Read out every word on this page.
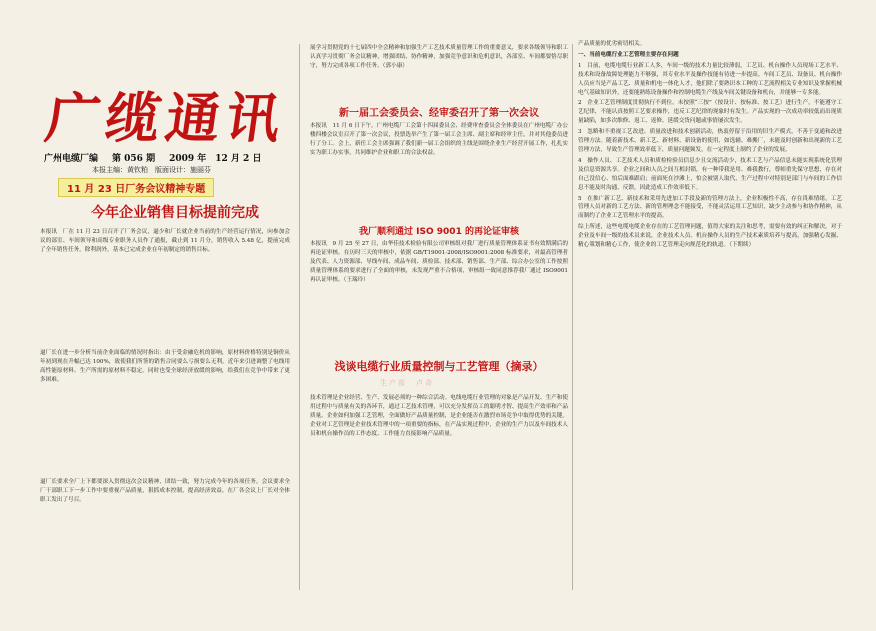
广缆通讯
广州电缆厂编 第 056 期 2009 年　12 月 2 日
本报主编：黄钦粕　版面设计：施丽芬
11 月 23 日厂务会议精神专题
今年企业销售目标提前完成

本报讯　厂在 11 月 23 日召开了厂务会议，逼少和厂长就企业当前的生产经营运行情况，向参加会议的部室、车间领导和高级专业职务人员作了通报，截止到 11 月分，销售收入 5.48 亿，提前完成了全年销售任务，除利润外，基本已完成企业在年初制定的销售目标。

逼厂长在进一步分析当前企业面临的情况时指出：由于受金融危机的影响，原材料价格特别是铜价从年初到现在升幅已达 100%，致使我们所签的销售合同要么亏损要么无利，近年来引进调整了电线用高性能原材料、生产所需的原材料不稳定。同时也受全球经济放缓的影响，给我们在竞争中带来了更多困难。

逼厂长要求全厂上下都要深入贯彻这次会议精神，团结一致，努力完成今年的各项任务，会议要求全厂干部职工下一步工作中要重视产品质量，狠抓成本控制，提高经济效益。在厂各会议上厂长对全体职工发出了号召。

展学习贯彻党的十七届四中全会精神和加强生产工艺技术质量管理工作的重要意义，要求各级领导和职工认真学习贯彻厂务会议精神，增强团结、协作精神，加强竞争意识和危机意识，各部室、车间都要恪尽职守，努力完成各项工作任务。（郭小康）

新一届工会委员会、经审委召开了第一次会议

本报讯　11 月 6 日下午，广州电缆厂工会第十四届委员会、经费审查委员会全体委员在广州电缆厂办公楼四楼会议室召开了第一次会议，投票选举产生了第一届工会主席、副主席和经审主任，并对其他委员进行了分工。会上，新任工会主席强调了我们新一届工会组织的主线是围绕企业生产经营开展工作，扎扎实实为职工办实事，共同维护企业和职工的合法权益。

我厂顺利通过 ISO 9001 的再论证审核

本报讯　9 月 25 至 27 日，由华佳技术检验有限公司审核组对我厂进行质量管理体系证书有效期满后的再论证审核。在历时三天的审核中，依据 GB/T19001-2008/ISO9001:2008 标准要求，对最高管理者及代表、人力资源部、导线车间、成品车间、质检部、技术部、销售部、生产部、综合办公室的工作按照质量管理体系的要求进行了全面的审核，未发现严重不合格项，审核组一致同意推荐我厂通过 ISO9001 再认证审核。（王瑞玲）

浅谈电缆行业质量控制与工艺管理（摘录）
生产部　卢奇

技术管理是企业经营、生产、发展必须的一种综合活动。电线电缆行业管理的对象是产品开发、生产和使用过程中与质量有关的各环节，通过工艺技术管理，可以充分发挥员工的聪明才智、提高生产效率和产品质量。企业如何加强工艺管理，全面做好产品质量控制，是企业能否在激烈市场竞争中取得优势的关键。企业对工艺管理是企业技术管理中的一项重要的指标，在产品实现过程中，企业的生产力以及车间技术人员和机台操作员的工作态度、工作能力直接影响产品质量。

产品质量的优劣密切相关。

一、当前电缆行业工艺管理主要存在问题

1　目前，电缆电缆行业新工人多，车间一级的技术力量比较薄弱，工艺员、机台操作人员现场工艺水平、技术和设备故障处理能力不够强，其专业水平及操作技能有待进一步提高。车间工艺员、设备员、机台操作人员应当是产品工艺、质量和机电一体化人才，他们除了要熟识本工种的工艺流程相关专业知识及掌握机械电气基础知识外，还要能熟练设备操作和控制电缆生产线及车间关键设备和机台，并能够一专多能。

2　企业工艺管理制度贯彻执行不到位。未按照“三按”（按设计、按标准、按工艺）进行生产，不能遵守工艺纪律，不能认真按照工艺要求操作，违反工艺纪律的现象时有发生。产品实现的一次成功率较低而出现质量缺陷，如多次维修、返工、返修、延缓交货问题或事情屡次发生。

3　忽略和不重视工艺改进、质量改进和技术创新活动，热衷停留于沿用的旧生产模式，不善于变通和改进管理方法。随着新技术、新工艺、新材料、新设备的使用，如选辅、难搬厂，未能及时创新和出现新的工艺管理方法，导致生产管理效率低下，质量问题频发，在一定程度上制约了企业的发展。

4　操作人员、工艺技术人员和质检检验员信息少且交流活动少，技术工艺与产品信息未能实现系统化管理及信息资源共享。企业之间和人员之间互相封锁，有一种带我是用、难我教行，尊师重先保守思想，存在对自己没信心、怕后面难跟肩；前面死在沙滩上，怕会被别人取代，生产过程中对特别是部门与车间的工作信息不能及时沟通、反馈，因此造成工作效率低下。

5　在推广新工艺、新技术和采用先进加工手段及新的管理方法上，企业积极性不高，存在畏难情绪，工艺管理人员对新的工艺方法、新的管理理念不能接受，不能灵活运用工艺知识，缺少主动参与和协作精神，从而制约了企业工艺管理水平的提高。

综上所述，这些电缆电缆企业存在的工艺管理问题，值得大家的关注和思考，需要有效的纠正和解决，对于企业及车间一级的技术员来说，企业技术人员、机台操作人员的生产技术素质培养与提高，加强精心发掘、精心策划和精心工作，使企业的工艺管理走向规范化的轨道。（下期续）
